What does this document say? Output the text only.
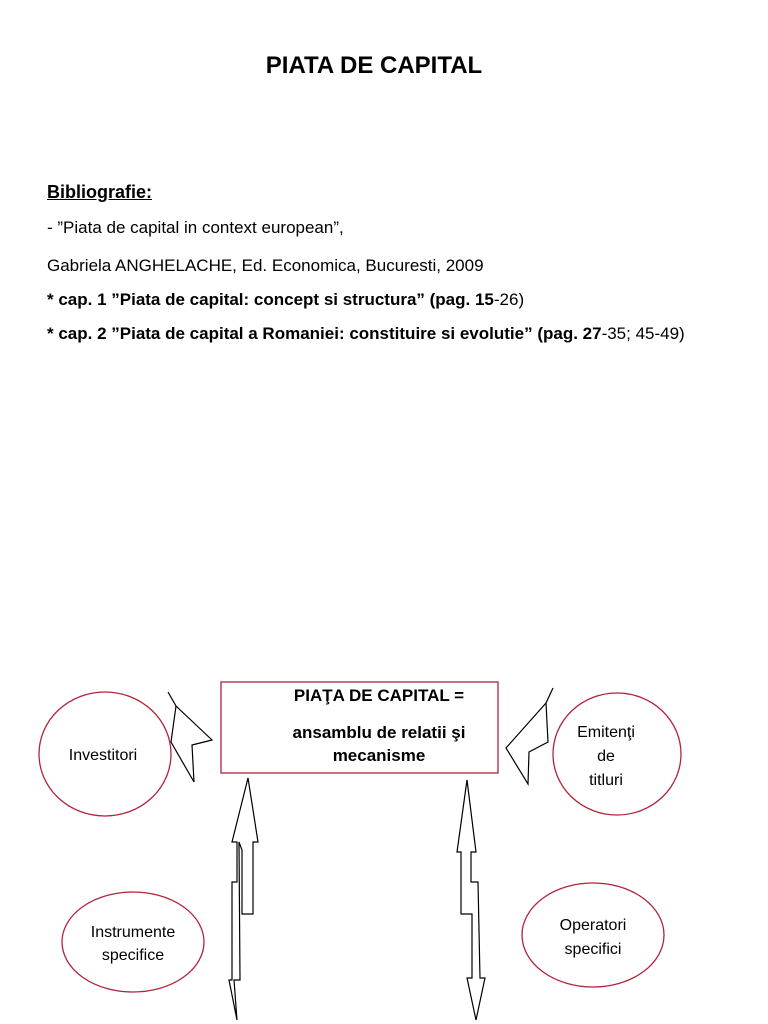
PIATA DE CAPITAL
Bibliografie:
- ”Piata de capital in context european”,
Gabriela ANGHELACHE, Ed. Economica, Bucuresti, 2009
* cap. 1 ”Piata de capital: concept si structura” (pag. 15-26)
* cap. 2 ”Piata de capital a Romaniei: constituire si evolutie” (pag. 27-35; 45-49)
PIAŢA DE CAPITAL =
ansamblu de relatii şi
mecanisme
Investitori
Emitenţi
de
titluri
Instrumente
specifice
Operatori
specifici
